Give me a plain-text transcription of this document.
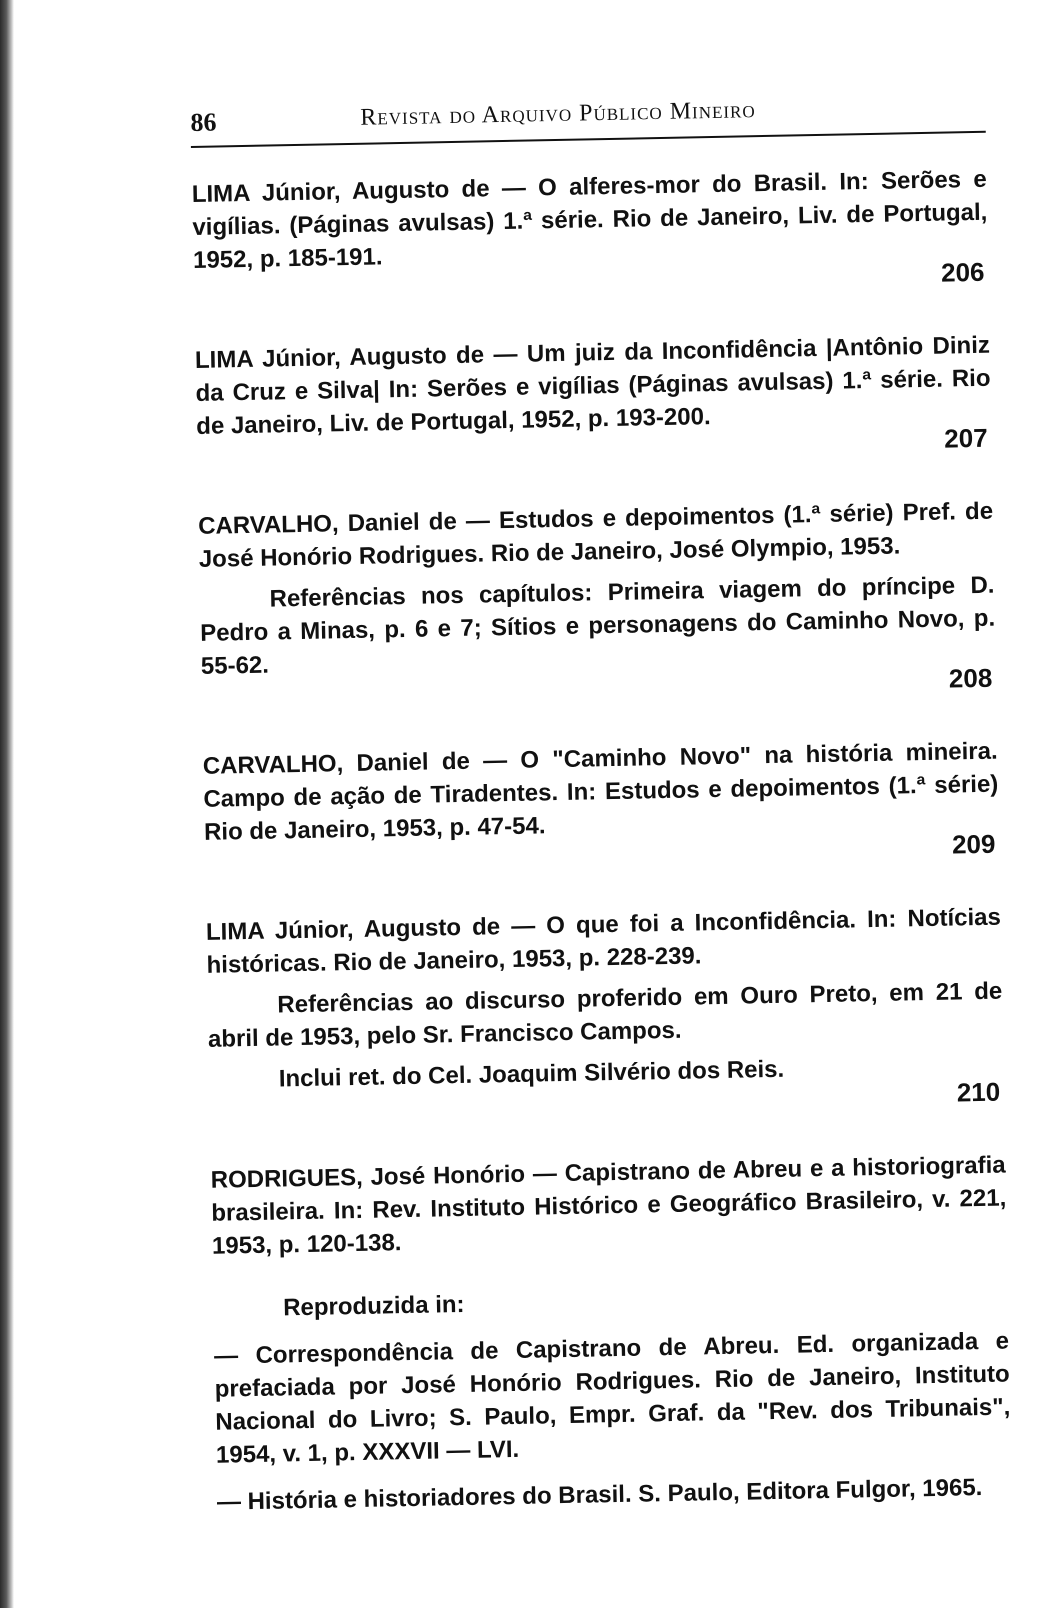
86	Revista do Arquivo Público Mineiro

LIMA Júnior, Augusto de — O alferes-mor do Brasil. In: Serões e vigílias. (Páginas avulsas) 1.ª série. Rio de Janeiro, Liv. de Portugal, 1952, p. 185-191.	206

LIMA Júnior, Augusto de — Um juiz da Inconfidência |Antônio Diniz da Cruz e Silva| In: Serões e vigílias (Páginas avulsas) 1.ª série. Rio de Janeiro, Liv. de Portugal, 1952, p. 193-200.	207

CARVALHO, Daniel de — Estudos e depoimentos (1.ª série) Pref. de José Honório Rodrigues. Rio de Janeiro, José Olympio, 1953.

Referências nos capítulos: Primeira viagem do príncipe D. Pedro a Minas, p. 6 e 7; Sítios e personagens do Caminho Novo, p. 55-62.	208

CARVALHO, Daniel de — O "Caminho Novo" na história mineira. Campo de ação de Tiradentes. In: Estudos e depoimentos (1.ª série) Rio de Janeiro, 1953, p. 47-54.	209

LIMA Júnior, Augusto de — O que foi a Inconfidência. In: Notícias históricas. Rio de Janeiro, 1953, p. 228-239.

Referências ao discurso proferido em Ouro Preto, em 21 de abril de 1953, pelo Sr. Francisco Campos.

Inclui ret. do Cel. Joaquim Silvério dos Reis.	210

RODRIGUES, José Honório — Capistrano de Abreu e a historiografia brasileira. In: Rev. Instituto Histórico e Geográfico Brasileiro, v. 221, 1953, p. 120-138.

Reproduzida in:

— Correspondência de Capistrano de Abreu. Ed. organizada e prefaciada por José Honório Rodrigues. Rio de Janeiro, Instituto Nacional do Livro; S. Paulo, Empr. Graf. da "Rev. dos Tribunais", 1954, v. 1, p. XXXVII — LVI.

— História e historiadores do Brasil. S. Paulo, Editora Fulgor, 1965.
